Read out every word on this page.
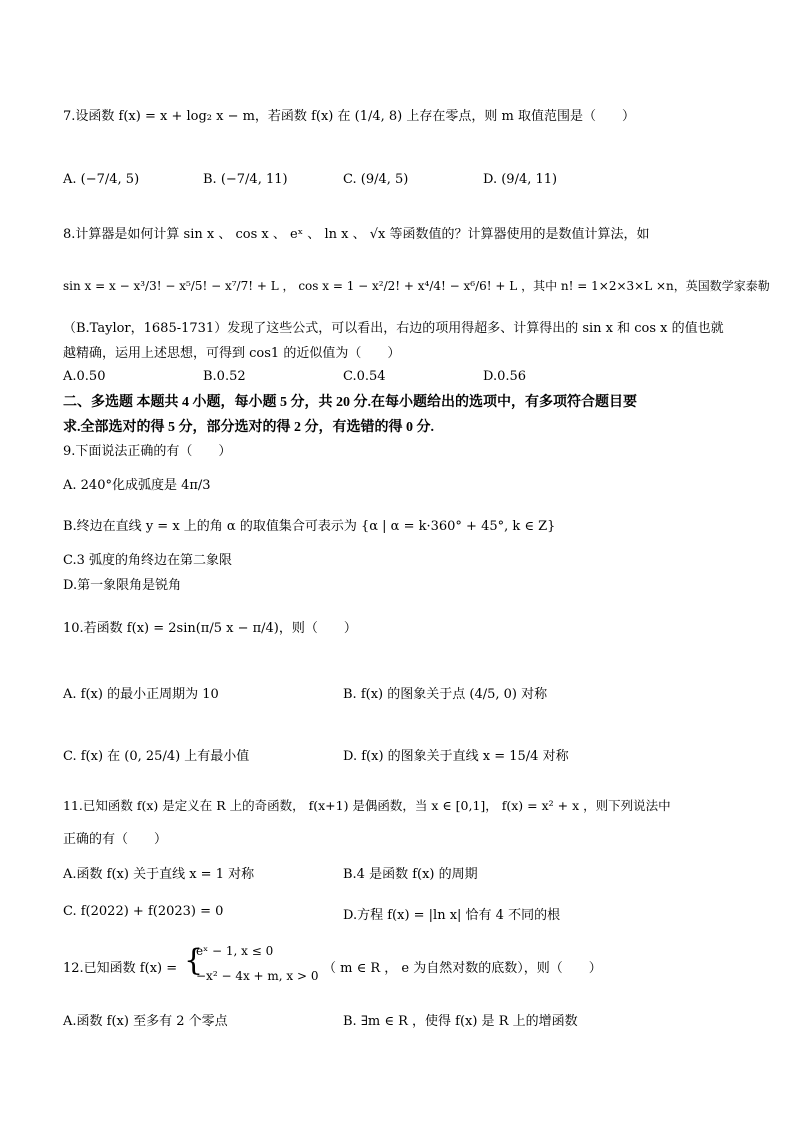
7.设函数 f(x) = x + log₂ x − m，若函数 f(x) 在 (1/4, 8) 上存在零点，则 m 取值范围是（　　）
A. (−7/4, 5)	B. (−7/4, 11)	C. (9/4, 5)	D. (9/4, 11)
8.计算器是如何计算 sin x 、 cos x 、 eˣ 、 ln x 、 √x 等函数值的？计算器使用的是数值计算法，如
sin x = x − x³/3! − x⁵/5! − x⁷/7! + L ， cos x = 1 − x²/2! + x⁴/4! − x⁶/6! + L ，其中 n! = 1×2×3×L ×n，英国数学家泰勒
（B.Taylor，1685-1731）发现了这些公式，可以看出，右边的项用得超多、计算得出的 sin x 和 cos x 的值也就
越精确，运用上述思想，可得到 cos1 的近似值为（　　）
A.0.50	B.0.52	C.0.54	D.0.56
二、多选题 本题共 4 小题，每小题 5 分，共 20 分.在每小题给出的选项中，有多项符合题目要
求.全部选对的得 5 分，部分选对的得 2 分，有选错的得 0 分.
9.下面说法正确的有（　　）
A. 240°化成弧度是 4π/3
B.终边在直线 y = x 上的角 α 的取值集合可表示为 {α | α = k·360° + 45°, k ∈ Z}
C.3 弧度的角终边在第二象限
D.第一象限角是锐角
10.若函数 f(x) = 2sin(π/5 x − π/4)，则（　　）
A. f(x) 的最小正周期为 10	B. f(x) 的图象关于点 (4/5, 0) 对称
C. f(x) 在 (0, 25/4) 上有最小值	D. f(x) 的图象关于直线 x = 15/4 对称
11.已知函数 f(x) 是定义在 R 上的奇函数， f(x+1) 是偶函数，当 x ∈ [0,1]， f(x) = x² + x ，则下列说法中
正确的有（　　）
A.函数 f(x) 关于直线 x = 1 对称	B.4 是函数 f(x) 的周期
C. f(2022) + f(2023) = 0	D.方程 f(x) = |ln x| 恰有 4 不同的根
12.已知函数 f(x) = {
eˣ − 1, x ≤ 0
−x² − 4x + m, x > 0 （ m ∈ R ， e 为自然对数的底数），则（　　）
A.函数 f(x) 至多有 2 个零点	B. ∃m ∈ R ，使得 f(x) 是 R 上的增函数
